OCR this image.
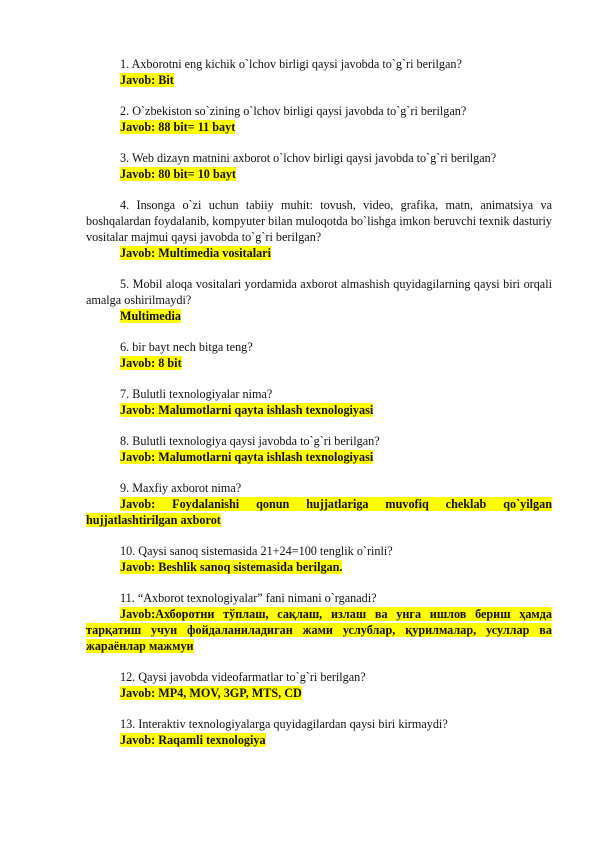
1. Axborotni eng kichik o`lchov birligi qaysi javobda to`g`ri berilgan?

Javob: Bit

2. O`zbekiston so`zining o`lchov birligi qaysi javobda to`g`ri berilgan?

Javob: 88 bit= 11 bayt

3. Web dizayn matnini axborot o`lchov birligi qaysi javobda to`g`ri berilgan?

Javob: 80 bit= 10 bayt

4. Insonga o`zi uchun tabiiy muhit: tovush, video, grafika, matn, animatsiya va boshqalardan foydalanib, kompyuter bilan muloqotda bo`lishga imkon beruvchi texnik dasturiy vositalar majmui qaysi javobda to`g`ri berilgan?

Javob: Multimedia vositalari

5. Mobil aloqa vositalari yordamida axborot almashish quyidagilarning qaysi biri orqali amalga oshirilmaydi?

Multimedia

6. bir bayt nech bitga teng?

Javob: 8 bit

7. Bulutli texnologiyalar nima?

Javob: Malumotlarni qayta ishlash texnologiyasi

8. Bulutli texnologiya qaysi javobda to`g`ri berilgan?

Javob: Malumotlarni qayta ishlash texnologiyasi

9. Maxfiy axborot nima?

Javob: Foydalanishi qonun hujjatlariga muvofiq cheklab qo`yilgan hujjatlashtirilgan axborot

10. Qaysi sanoq sistemasida 21+24=100 tenglik o`rinli?

Javob: Beshlik sanoq sistemasida berilgan.

11. “Axborot texnologiyalar” fani nimani o`rganadi?

Javob:Ахборотни тўплаш, сақлаш, излаш ва унга ишлов бериш ҳамда тарқатиш учун фойдаланиладиган жами услублар, қурилмалар, усуллар ва жараёнлар мажмуи

12. Qaysi javobda videofarmatlar to`g`ri berilgan?

Javob: MP4, MOV, 3GP, MTS, CD

13. Interaktiv texnologiyalarga quyidagilardan qaysi biri kirmaydi?

Javob: Raqamli texnologiya
